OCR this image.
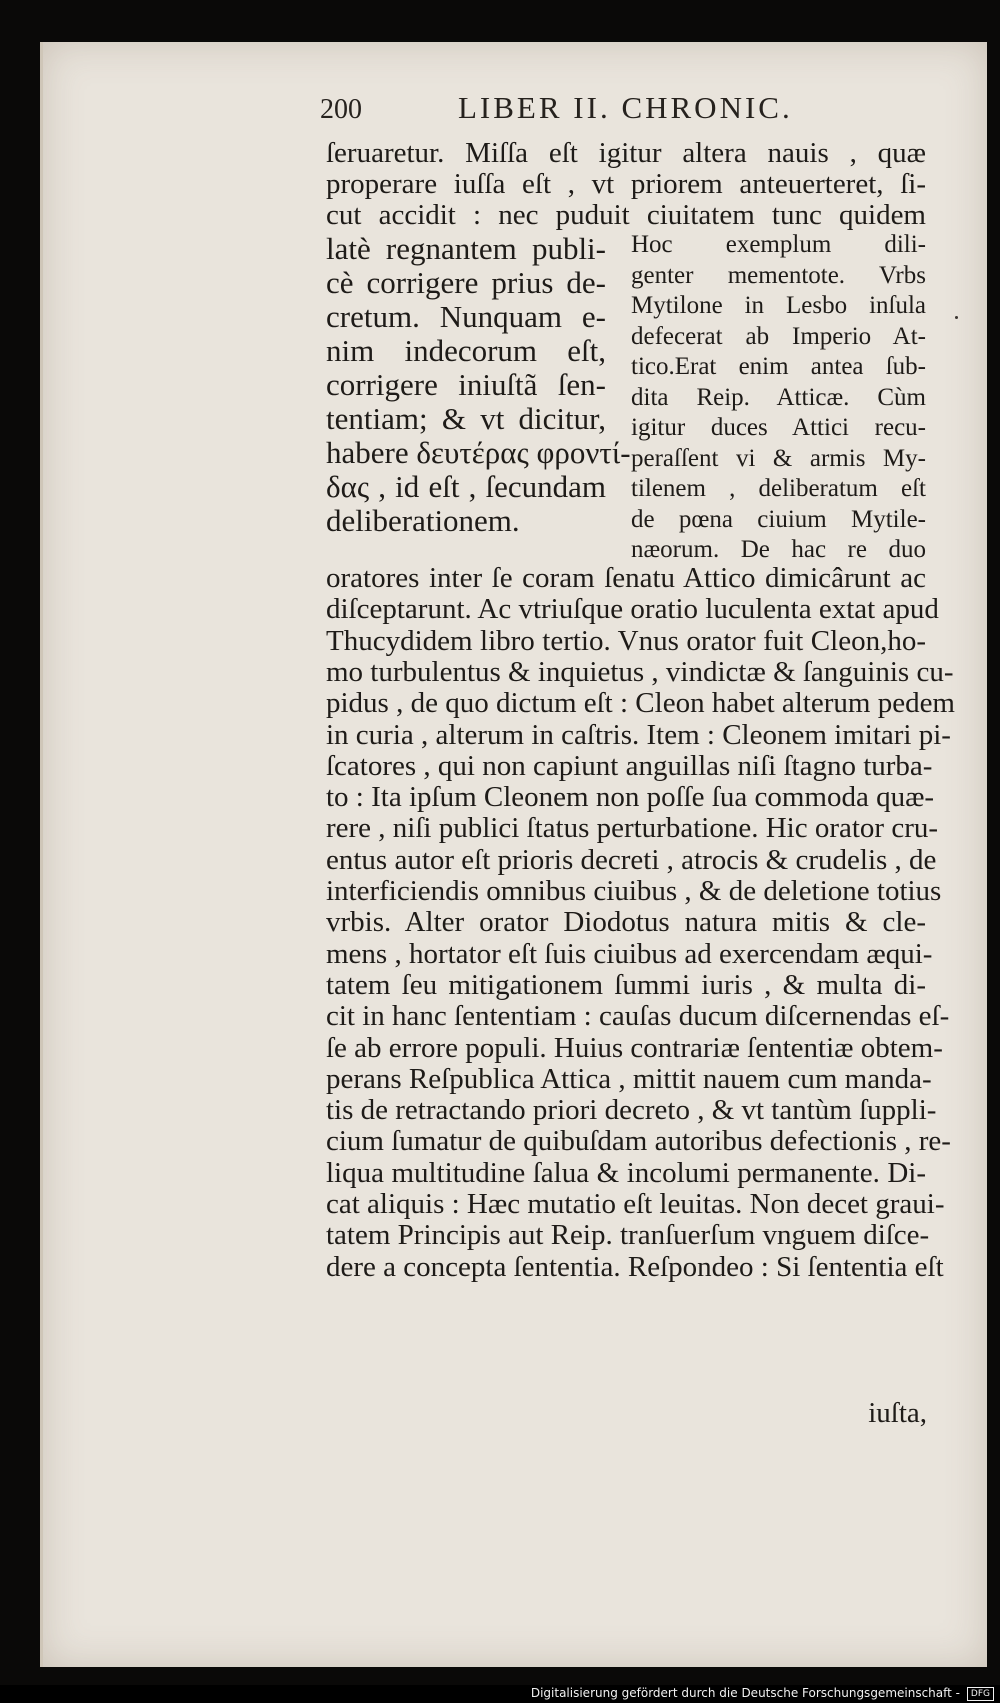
200	LIBER II. CHRONIC.
ſeruaretur. Miſſa eſt igitur altera nauis , quæ
properare iuſſa eſt , vt priorem anteuerteret, ſi-
cut accidit : nec puduit ciuitatem tunc quidem
latè regnantem publi-
cè corrigere prius de-
cretum. Nunquam e-
nim indecorum eſt,
corrigere iniuſtã ſen-
tentiam; & vt dicitur,
habere δευτέρας φροντί-
δας , id eſt , ſecundam
deliberationem.
Hoc exemplum dili-
genter mementote. Vrbs
Mytilone in Lesbo inſula
defecerat ab Imperio At-
tico.Erat enim antea ſub-
dita Reip. Atticæ. Cùm
igitur duces Attici recu-
peraſſent vi & armis My-
tilenem , deliberatum eſt
de pœna ciuium Mytile-
næorum. De hac re duo
oratores inter ſe coram ſenatu Attico dimicârunt ac
diſceptarunt. Ac vtriuſque oratio luculenta extat apud
Thucydidem libro tertio. Vnus orator fuit Cleon,ho-
mo turbulentus & inquietus , vindictæ & ſanguinis cu-
pidus , de quo dictum eſt : Cleon habet alterum pedem
in curia , alterum in caſtris. Item : Cleonem imitari pi-
ſcatores , qui non capiunt anguillas niſi ſtagno turba-
to : Ita ipſum Cleonem non poſſe ſua commoda quæ-
rere , niſi publici ſtatus perturbatione. Hic orator cru-
entus autor eſt prioris decreti , atrocis & crudelis , de
interficiendis omnibus ciuibus , & de deletione totius
vrbis. Alter orator Diodotus natura mitis & cle-
mens , hortator eſt ſuis ciuibus ad exercendam æqui-
tatem ſeu mitigationem ſummi iuris , & multa di-
cit in hanc ſententiam : cauſas ducum diſcernendas eſ-
ſe ab errore populi. Huius contrariæ ſententiæ obtem-
perans Reſpublica Attica , mittit nauem cum manda-
tis de retractando priori decreto , & vt tantùm ſuppli-
cium ſumatur de quibuſdam autoribus defectionis , re-
liqua multitudine ſalua & incolumi permanente. Di-
cat aliquis : Hæc mutatio eſt leuitas. Non decet graui-
tatem Principis aut Reip. tranſuerſum vnguem diſce-
dere a concepta ſententia. Reſpondeo : Si ſententia eſt
iuſta,
Digitalisierung gefördert durch die Deutsche Forschungsgemeinschaft -	DFG
